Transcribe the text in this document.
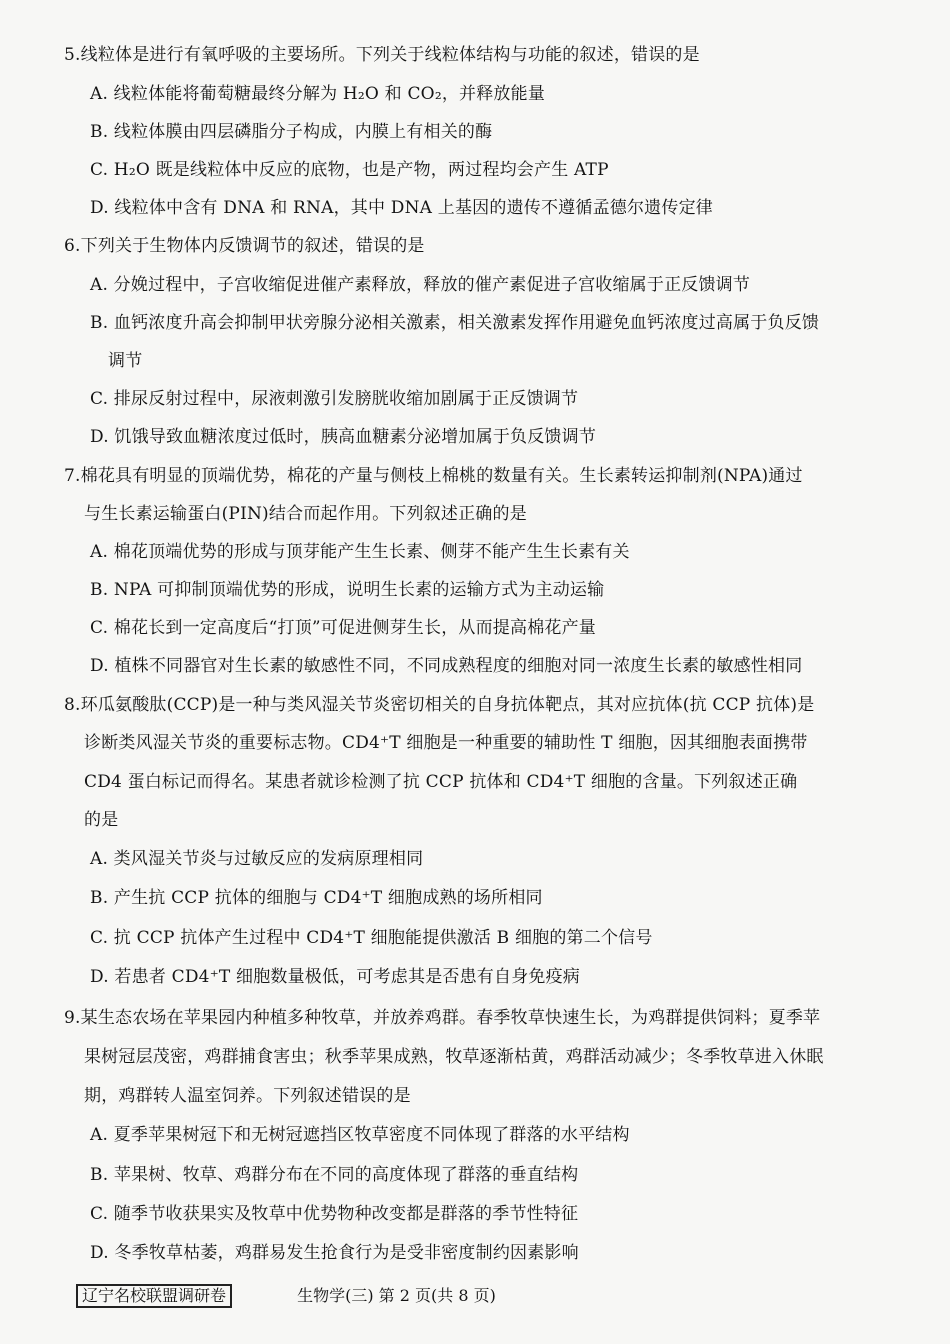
5.线粒体是进行有氧呼吸的主要场所。下列关于线粒体结构与功能的叙述，错误的是
A. 线粒体能将葡萄糖最终分解为 H₂O 和 CO₂，并释放能量
B. 线粒体膜由四层磷脂分子构成，内膜上有相关的酶
C. H₂O 既是线粒体中反应的底物，也是产物，两过程均会产生 ATP
D. 线粒体中含有 DNA 和 RNA，其中 DNA 上基因的遗传不遵循孟德尔遗传定律
6.下列关于生物体内反馈调节的叙述，错误的是
A. 分娩过程中，子宫收缩促进催产素释放，释放的催产素促进子宫收缩属于正反馈调节
B. 血钙浓度升高会抑制甲状旁腺分泌相关激素，相关激素发挥作用避免血钙浓度过高属于负反馈
调节
C. 排尿反射过程中，尿液刺激引发膀胱收缩加剧属于正反馈调节
D. 饥饿导致血糖浓度过低时，胰高血糖素分泌增加属于负反馈调节
7.棉花具有明显的顶端优势，棉花的产量与侧枝上棉桃的数量有关。生长素转运抑制剂(NPA)通过
与生长素运输蛋白(PIN)结合而起作用。下列叙述正确的是
A. 棉花顶端优势的形成与顶芽能产生生长素、侧芽不能产生生长素有关
B. NPA 可抑制顶端优势的形成，说明生长素的运输方式为主动运输
C. 棉花长到一定高度后“打顶”可促进侧芽生长，从而提高棉花产量
D. 植株不同器官对生长素的敏感性不同，不同成熟程度的细胞对同一浓度生长素的敏感性相同
8.环瓜氨酸肽(CCP)是一种与类风湿关节炎密切相关的自身抗体靶点，其对应抗体(抗 CCP 抗体)是
诊断类风湿关节炎的重要标志物。CD4⁺T 细胞是一种重要的辅助性 T 细胞，因其细胞表面携带
CD4 蛋白标记而得名。某患者就诊检测了抗 CCP 抗体和 CD4⁺T 细胞的含量。下列叙述正确
的是
A. 类风湿关节炎与过敏反应的发病原理相同
B. 产生抗 CCP 抗体的细胞与 CD4⁺T 细胞成熟的场所相同
C. 抗 CCP 抗体产生过程中 CD4⁺T 细胞能提供激活 B 细胞的第二个信号
D. 若患者 CD4⁺T 细胞数量极低，可考虑其是否患有自身免疫病
9.某生态农场在苹果园内种植多种牧草，并放养鸡群。春季牧草快速生长，为鸡群提供饲料；夏季苹
果树冠层茂密，鸡群捕食害虫；秋季苹果成熟，牧草逐渐枯黄，鸡群活动减少；冬季牧草进入休眠
期，鸡群转人温室饲养。下列叙述错误的是
A. 夏季苹果树冠下和无树冠遮挡区牧草密度不同体现了群落的水平结构
B. 苹果树、牧草、鸡群分布在不同的高度体现了群落的垂直结构
C. 随季节收获果实及牧草中优势物种改变都是群落的季节性特征
D. 冬季牧草枯萎，鸡群易发生抢食行为是受非密度制约因素影响
辽宁名校联盟调研卷	生物学(三) 第 2 页(共 8 页)
